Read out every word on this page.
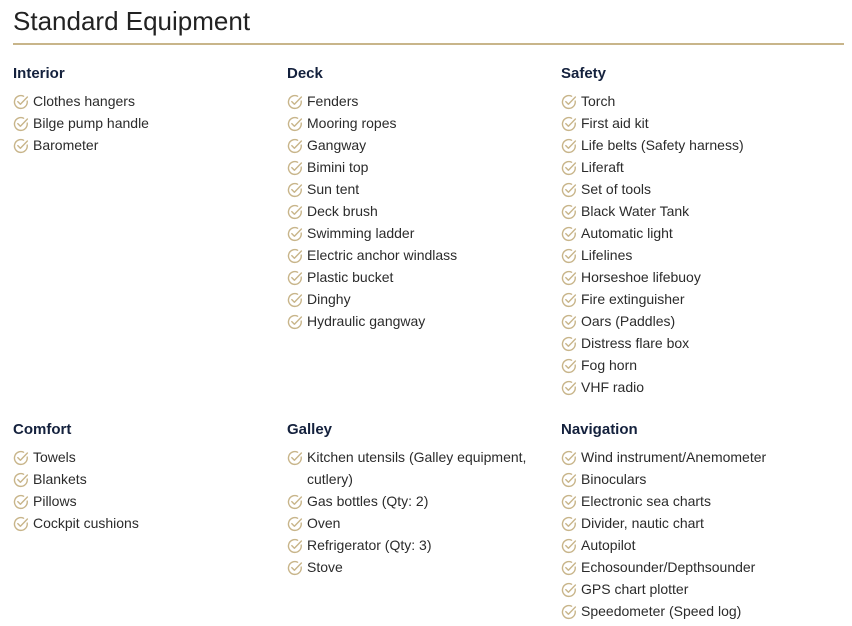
Standard Equipment
Interior
Clothes hangers
Bilge pump handle
Barometer
Deck
Fenders
Mooring ropes
Gangway
Bimini top
Sun tent
Deck brush
Swimming ladder
Electric anchor windlass
Plastic bucket
Dinghy
Hydraulic gangway
Safety
Torch
First aid kit
Life belts (Safety harness)
Liferaft
Set of tools
Black Water Tank
Automatic light
Lifelines
Horseshoe lifebuoy
Fire extinguisher
Oars (Paddles)
Distress flare box
Fog horn
VHF radio
Comfort
Towels
Blankets
Pillows
Cockpit cushions
Galley
Kitchen utensils (Galley equipment, cutlery)
Gas bottles (Qty: 2)
Oven
Refrigerator (Qty: 3)
Stove
Navigation
Wind instrument/Anemometer
Binoculars
Electronic sea charts
Divider, nautic chart
Autopilot
Echosounder/Depthsounder
GPS chart plotter
Speedometer (Speed log)
